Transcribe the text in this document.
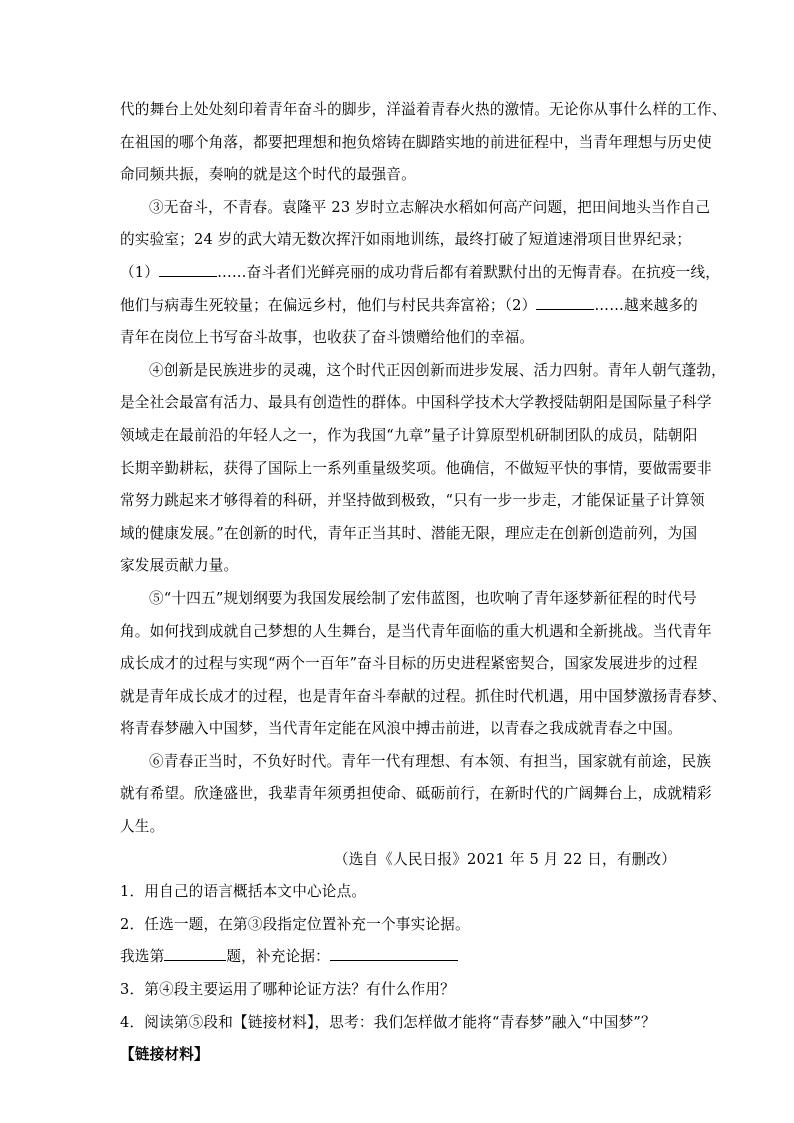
代的舞台上处处刻印着青年奋斗的脚步，洋溢着青春火热的激情。无论你从事什么样的工作、
在祖国的哪个角落，都要把理想和抱负熔铸在脚踏实地的前进征程中，当青年理想与历史使
命同频共振，奏响的就是这个时代的最强音。
③无奋斗，不青春。袁隆平 23 岁时立志解决水稻如何高产问题，把田间地头当作自己
的实验室；24 岁的武大靖无数次挥汗如雨地训练，最终打破了短道速滑项目世界纪录；
（1）	……奋斗者们光鲜亮丽的成功背后都有着默默付出的无悔青春。在抗疫一线，
他们与病毒生死较量；在偏远乡村，他们与村民共奔富裕；（2）	……越来越多的
青年在岗位上书写奋斗故事，也收获了奋斗馈赠给他们的幸福。
④创新是民族进步的灵魂，这个时代正因创新而进步发展、活力四射。青年人朝气蓬勃，
是全社会最富有活力、最具有创造性的群体。中国科学技术大学教授陆朝阳是国际量子科学
领域走在最前沿的年轻人之一，作为我国“九章”量子计算原型机研制团队的成员，陆朝阳
长期辛勤耕耘，获得了国际上一系列重量级奖项。他确信，不做短平快的事情，要做需要非
常努力跳起来才够得着的科研，并坚持做到极致，“只有一步一步走，才能保证量子计算领
域的健康发展。”在创新的时代，青年正当其时、潜能无限，理应走在创新创造前列，为国
家发展贡献力量。
⑤“十四五”规划纲要为我国发展绘制了宏伟蓝图，也吹响了青年逐梦新征程的时代号
角。如何找到成就自己梦想的人生舞台，是当代青年面临的重大机遇和全新挑战。当代青年
成长成才的过程与实现“两个一百年”奋斗目标的历史进程紧密契合，国家发展进步的过程
就是青年成长成才的过程，也是青年奋斗奉献的过程。抓住时代机遇，用中国梦激扬青春梦、
将青春梦融入中国梦，当代青年定能在风浪中搏击前进，以青春之我成就青春之中国。
⑥青春正当时，不负好时代。青年一代有理想、有本领、有担当，国家就有前途，民族
就有希望。欣逢盛世，我辈青年须勇担使命、砥砺前行，在新时代的广阔舞台上，成就精彩
人生。
（选自《人民日报》2021 年 5 月 22 日，有删改）
1．用自己的语言概括本文中心论点。
2．任选一题，在第③段指定位置补充一个事实论据。
我选第	题，补充论据：
3．第④段主要运用了哪种论证方法？有什么作用？
4．阅读第⑤段和【链接材料】，思考：我们怎样做才能将“青春梦”融入“中国梦”？
【链接材料】
